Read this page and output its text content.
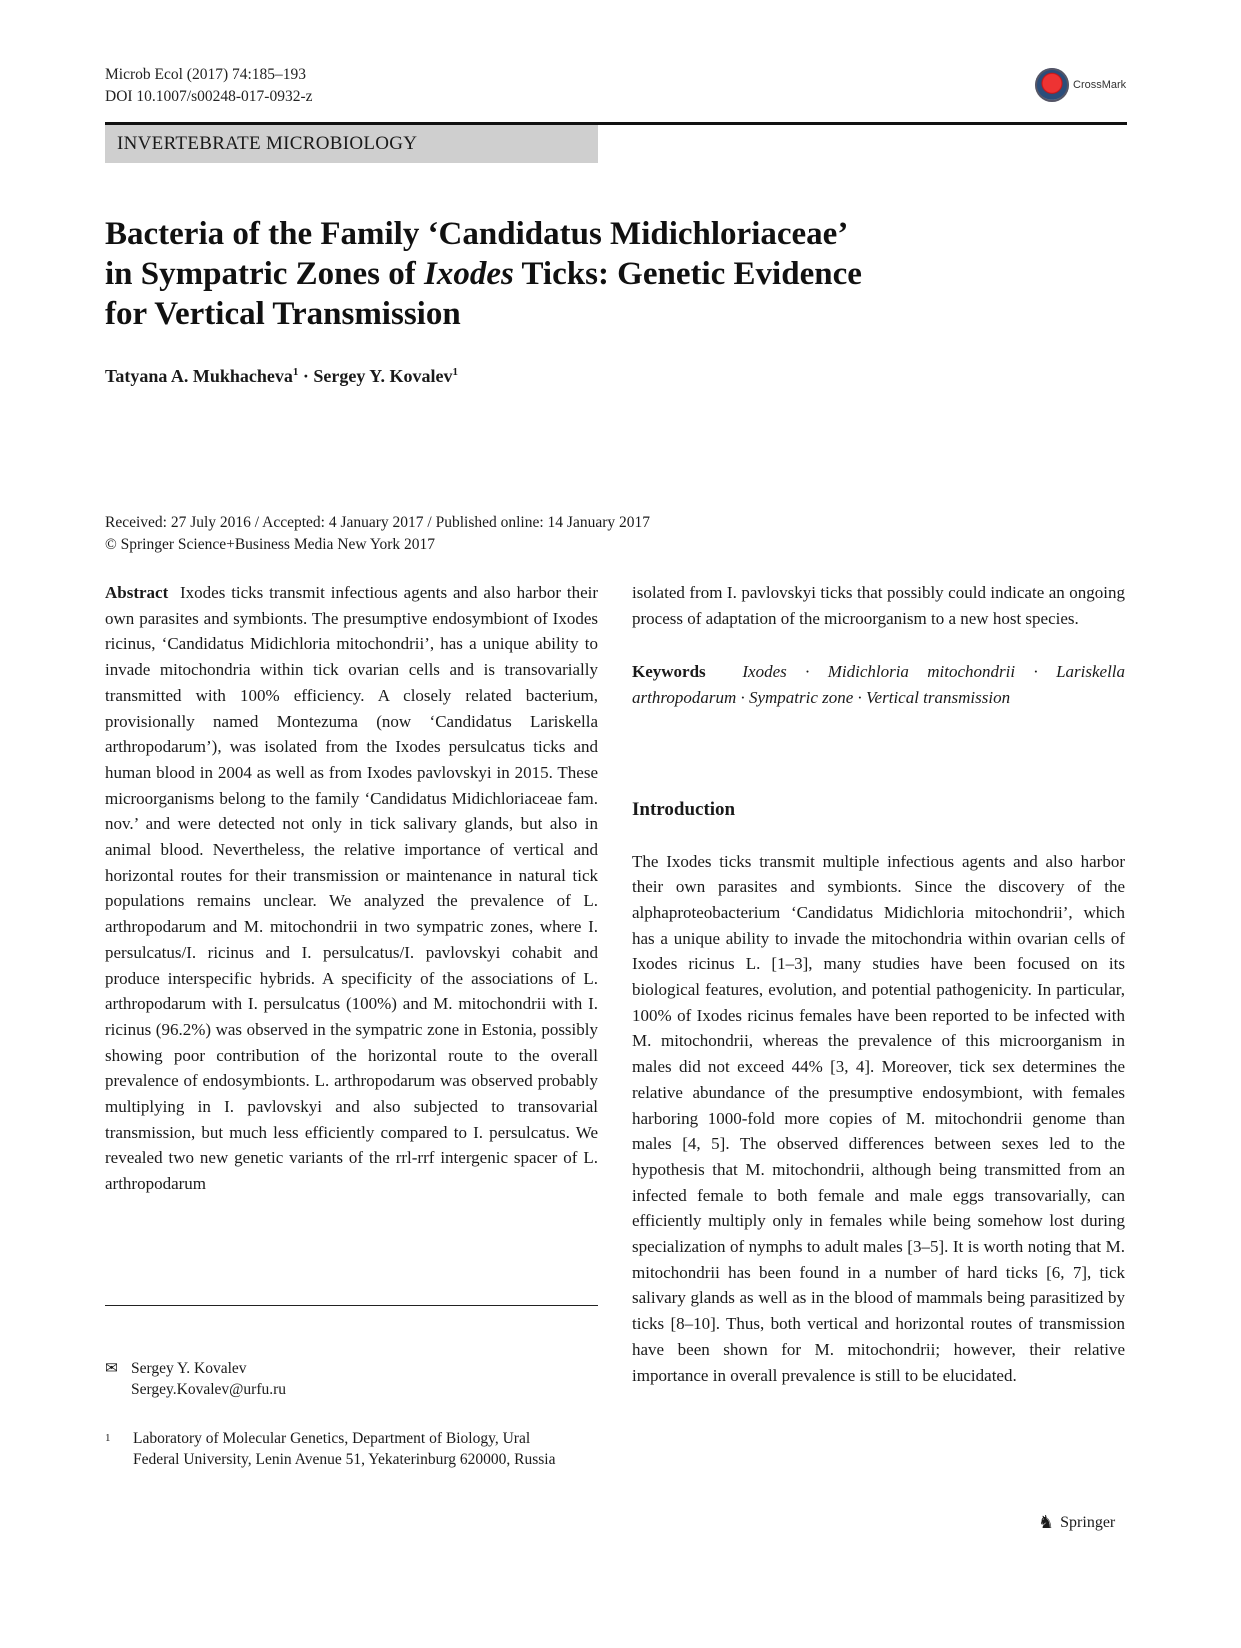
Microb Ecol (2017) 74:185–193
DOI 10.1007/s00248-017-0932-z
CrossMark
INVERTEBRATE MICROBIOLOGY
Bacteria of the Family ‘Candidatus Midichloriaceae’
in Sympatric Zones of Ixodes Ticks: Genetic Evidence
for Vertical Transmission
Tatyana A. Mukhacheva$^1$ · Sergey Y. Kovalev$^1$
Received: 27 July 2016 / Accepted: 4 January 2017 / Published online: 14 January 2017
© Springer Science+Business Media New York 2017

Abstract Ixodes ticks transmit infectious agents and also harbor their own parasites and symbionts. The presumptive endosymbiont of Ixodes ricinus, ‘Candidatus Midichloria mitochondrii’, has a unique ability to invade mitochondria within tick ovarian cells and is transovarially transmitted with 100% efficiency. A closely related bacterium, provisionally named Montezuma (now ‘Candidatus Lariskella arthropodarum’), was isolated from the Ixodes persulcatus ticks and human blood in 2004 as well as from Ixodes pavlovskyi in 2015. These microorganisms belong to the family ‘Candidatus Midichloriaceae fam. nov.’ and were detected not only in tick salivary glands, but also in animal blood. Nevertheless, the relative importance of vertical and horizontal routes for their transmission or maintenance in natural tick populations remains unclear. We analyzed the prevalence of L. arthropodarum and M. mitochondrii in two sympatric zones, where I. persulcatus/I. ricinus and I. persulcatus/I. pavlovskyi cohabit and produce interspecific hybrids. A specificity of the associations of L. arthropodarum with I. persulcatus (100%) and M. mitochondrii with I. ricinus (96.2%) was observed in the sympatric zone in Estonia, possibly showing poor contribution of the horizontal route to the overall prevalence of endosymbionts. L. arthropodarum was observed probably multiplying in I. pavlovskyi and also subjected to transovarial transmission, but much less efficiently compared to I. persulcatus. We revealed two new genetic variants of the rrl-rrf intergenic spacer of L. arthropodarum

isolated from I. pavlovskyi ticks that possibly could indicate an ongoing process of adaptation of the microorganism to a new host species.

Keywords Ixodes · Midichloria mitochondrii · Lariskella arthropodarum · Sympatric zone · Vertical transmission

Introduction

The Ixodes ticks transmit multiple infectious agents and also harbor their own parasites and symbionts. Since the discovery of the alphaproteobacterium ‘Candidatus Midichloria mitochondrii’, which has a unique ability to invade the mitochondria within ovarian cells of Ixodes ricinus L. [1–3], many studies have been focused on its biological features, evolution, and potential pathogenicity. In particular, 100% of Ixodes ricinus females have been reported to be infected with M. mitochondrii, whereas the prevalence of this microorganism in males did not exceed 44% [3, 4]. Moreover, tick sex determines the relative abundance of the presumptive endosymbiont, with females harboring 1000-fold more copies of M. mitochondrii genome than males [4, 5]. The observed differences between sexes led to the hypothesis that M. mitochondrii, although being transmitted from an infected female to both female and male eggs transovarially, can efficiently multiply only in females while being somehow lost during specialization of nymphs to adult males [3–5]. It is worth noting that M. mitochondrii has been found in a number of hard ticks [6, 7], tick salivary glands as well as in the blood of mammals being parasitized by ticks [8–10]. Thus, both vertical and horizontal routes of transmission have been shown for M. mitochondrii; however, their relative importance in overall prevalence is still to be elucidated.

✉ Sergey Y. Kovalev
Sergey.Kovalev@urfu.ru
1	Laboratory of Molecular Genetics, Department of Biology, Ural
Federal University, Lenin Avenue 51, Yekaterinburg 620000, Russia
♞ Springer
